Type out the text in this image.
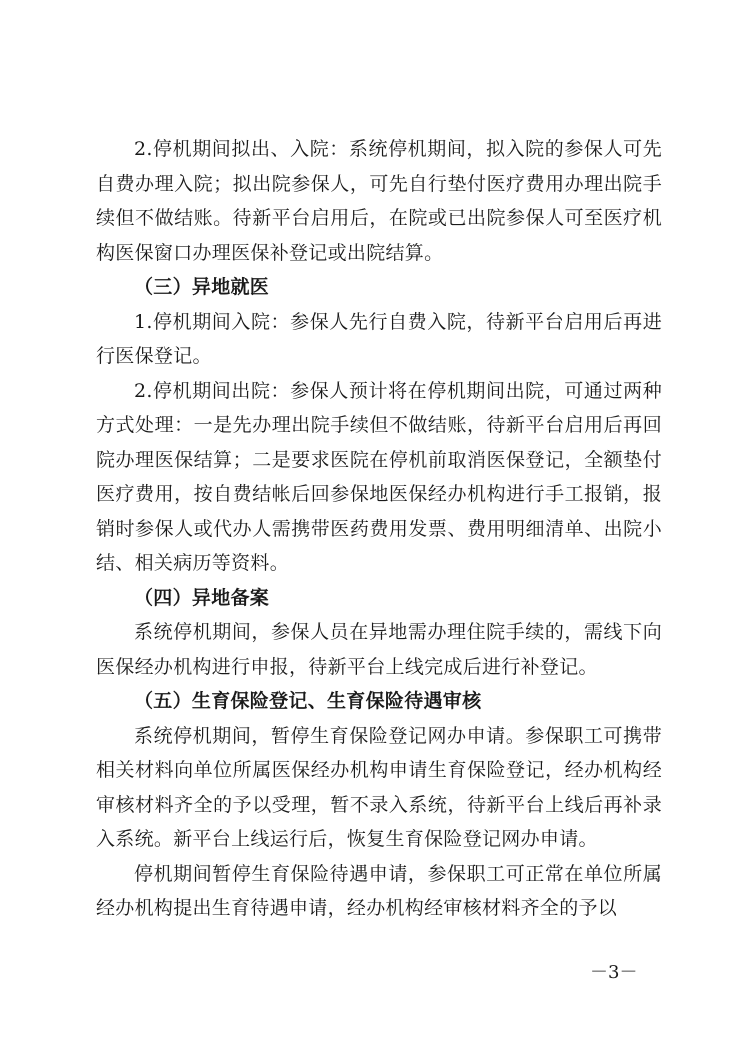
2.停机期间拟出、入院：系统停机期间，拟入院的参保人可先自费办理入院；拟出院参保人，可先自行垫付医疗费用办理出院手续但不做结账。待新平台启用后，在院或已出院参保人可至医疗机构医保窗口办理医保补登记或出院结算。

（三）异地就医

1.停机期间入院：参保人先行自费入院，待新平台启用后再进行医保登记。

2.停机期间出院：参保人预计将在停机期间出院，可通过两种方式处理：一是先办理出院手续但不做结账，待新平台启用后再回院办理医保结算；二是要求医院在停机前取消医保登记，全额垫付医疗费用，按自费结帐后回参保地医保经办机构进行手工报销，报销时参保人或代办人需携带医药费用发票、费用明细清单、出院小结、相关病历等资料。

（四）异地备案

系统停机期间，参保人员在异地需办理住院手续的，需线下向医保经办机构进行申报，待新平台上线完成后进行补登记。

（五）生育保险登记、生育保险待遇审核

系统停机期间，暂停生育保险登记网办申请。参保职工可携带相关材料向单位所属医保经办机构申请生育保险登记，经办机构经审核材料齐全的予以受理，暂不录入系统，待新平台上线后再补录入系统。新平台上线运行后，恢复生育保险登记网办申请。

停机期间暂停生育保险待遇申请，参保职工可正常在单位所属经办机构提出生育待遇申请，经办机构经审核材料齐全的予以

－3－
